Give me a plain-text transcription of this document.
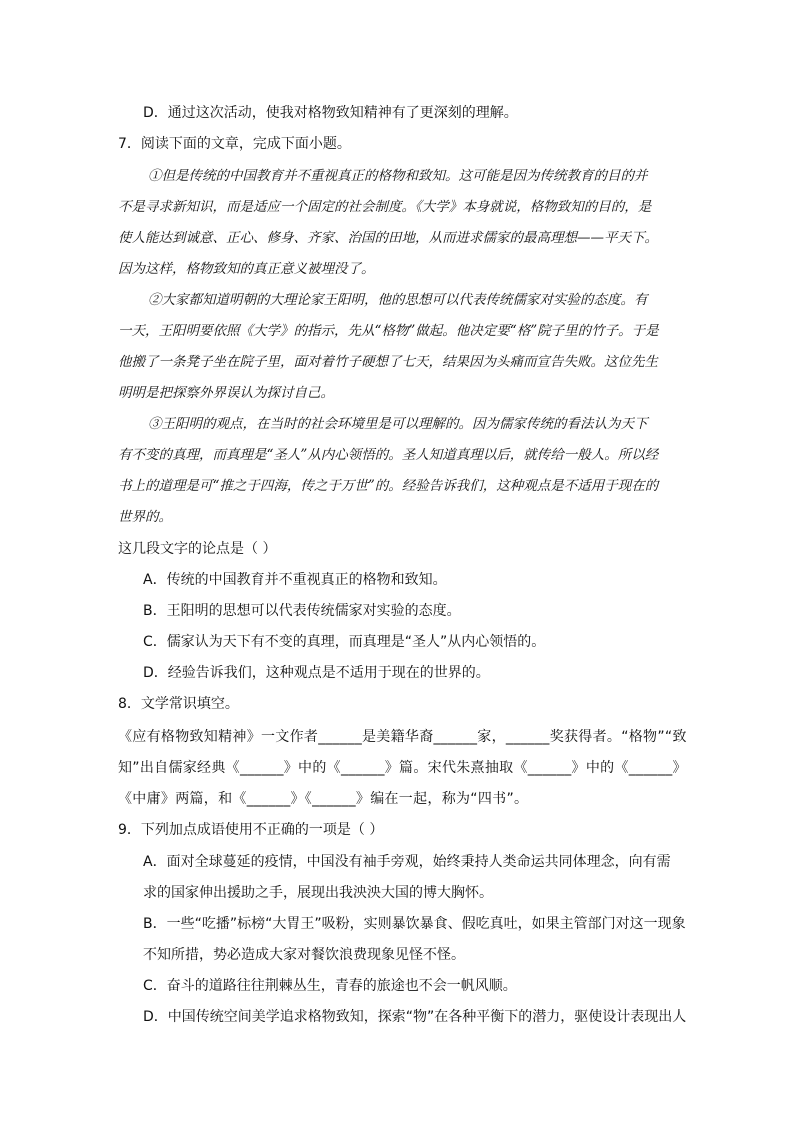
D．通过这次活动，使我对格物致知精神有了更深刻的理解。
7．阅读下面的文章，完成下面小题。
①但是传统的中国教育并不重视真正的格物和致知。这可能是因为传统教育的目的并
不是寻求新知识，而是适应一个固定的社会制度。《大学》本身就说，格物致知的目的，是
使人能达到诚意、正心、修身、齐家、治国的田地，从而进求儒家的最高理想——平天下。
因为这样，格物致知的真正意义被埋没了。
②大家都知道明朝的大理论家王阳明，他的思想可以代表传统儒家对实验的态度。有
一天，王阳明要依照《大学》的指示，先从“格物”做起。他决定要“格”院子里的竹子。于是
他搬了一条凳子坐在院子里，面对着竹子硬想了七天，结果因为头痛而宣告失败。这位先生
明明是把探察外界误认为探讨自己。
③王阳明的观点，在当时的社会环境里是可以理解的。因为儒家传统的看法认为天下
有不变的真理，而真理是“圣人”从内心领悟的。圣人知道真理以后，就传给一般人。所以经
书上的道理是可“推之于四海，传之于万世”的。经验告诉我们，这种观点是不适用于现在的
世界的。
这几段文字的论点是（ ）
A．传统的中国教育并不重视真正的格物和致知。
B．王阳明的思想可以代表传统儒家对实验的态度。
C．儒家认为天下有不变的真理，而真理是“圣人”从内心领悟的。
D．经验告诉我们，这种观点是不适用于现在的世界的。
8．文学常识填空。
《应有格物致知精神》一文作者______是美籍华裔______家，______奖获得者。“格物”“致
知”出自儒家经典《______》中的《______》篇。宋代朱熹抽取《______》中的《______》
《中庸》两篇，和《______》《______》编在一起，称为“四书”。
9．下列加点成语使用不正确的一项是（ ）
A．面对全球蔓延的疫情，中国没有袖手旁观，始终秉持人类命运共同体理念，向有需
求的国家伸出援助之手，展现出我泱泱大国的博大胸怀。
B．一些“吃播”标榜“大胃王”吸粉，实则暴饮暴食、假吃真吐，如果主管部门对这一现象
不知所措，势必造成大家对餐饮浪费现象见怪不怪。
C．奋斗的道路往往荆棘丛生，青春的旅途也不会一帆风顺。
D．中国传统空间美学追求格物致知，探索“物”在各种平衡下的潜力，驱使设计表现出人
